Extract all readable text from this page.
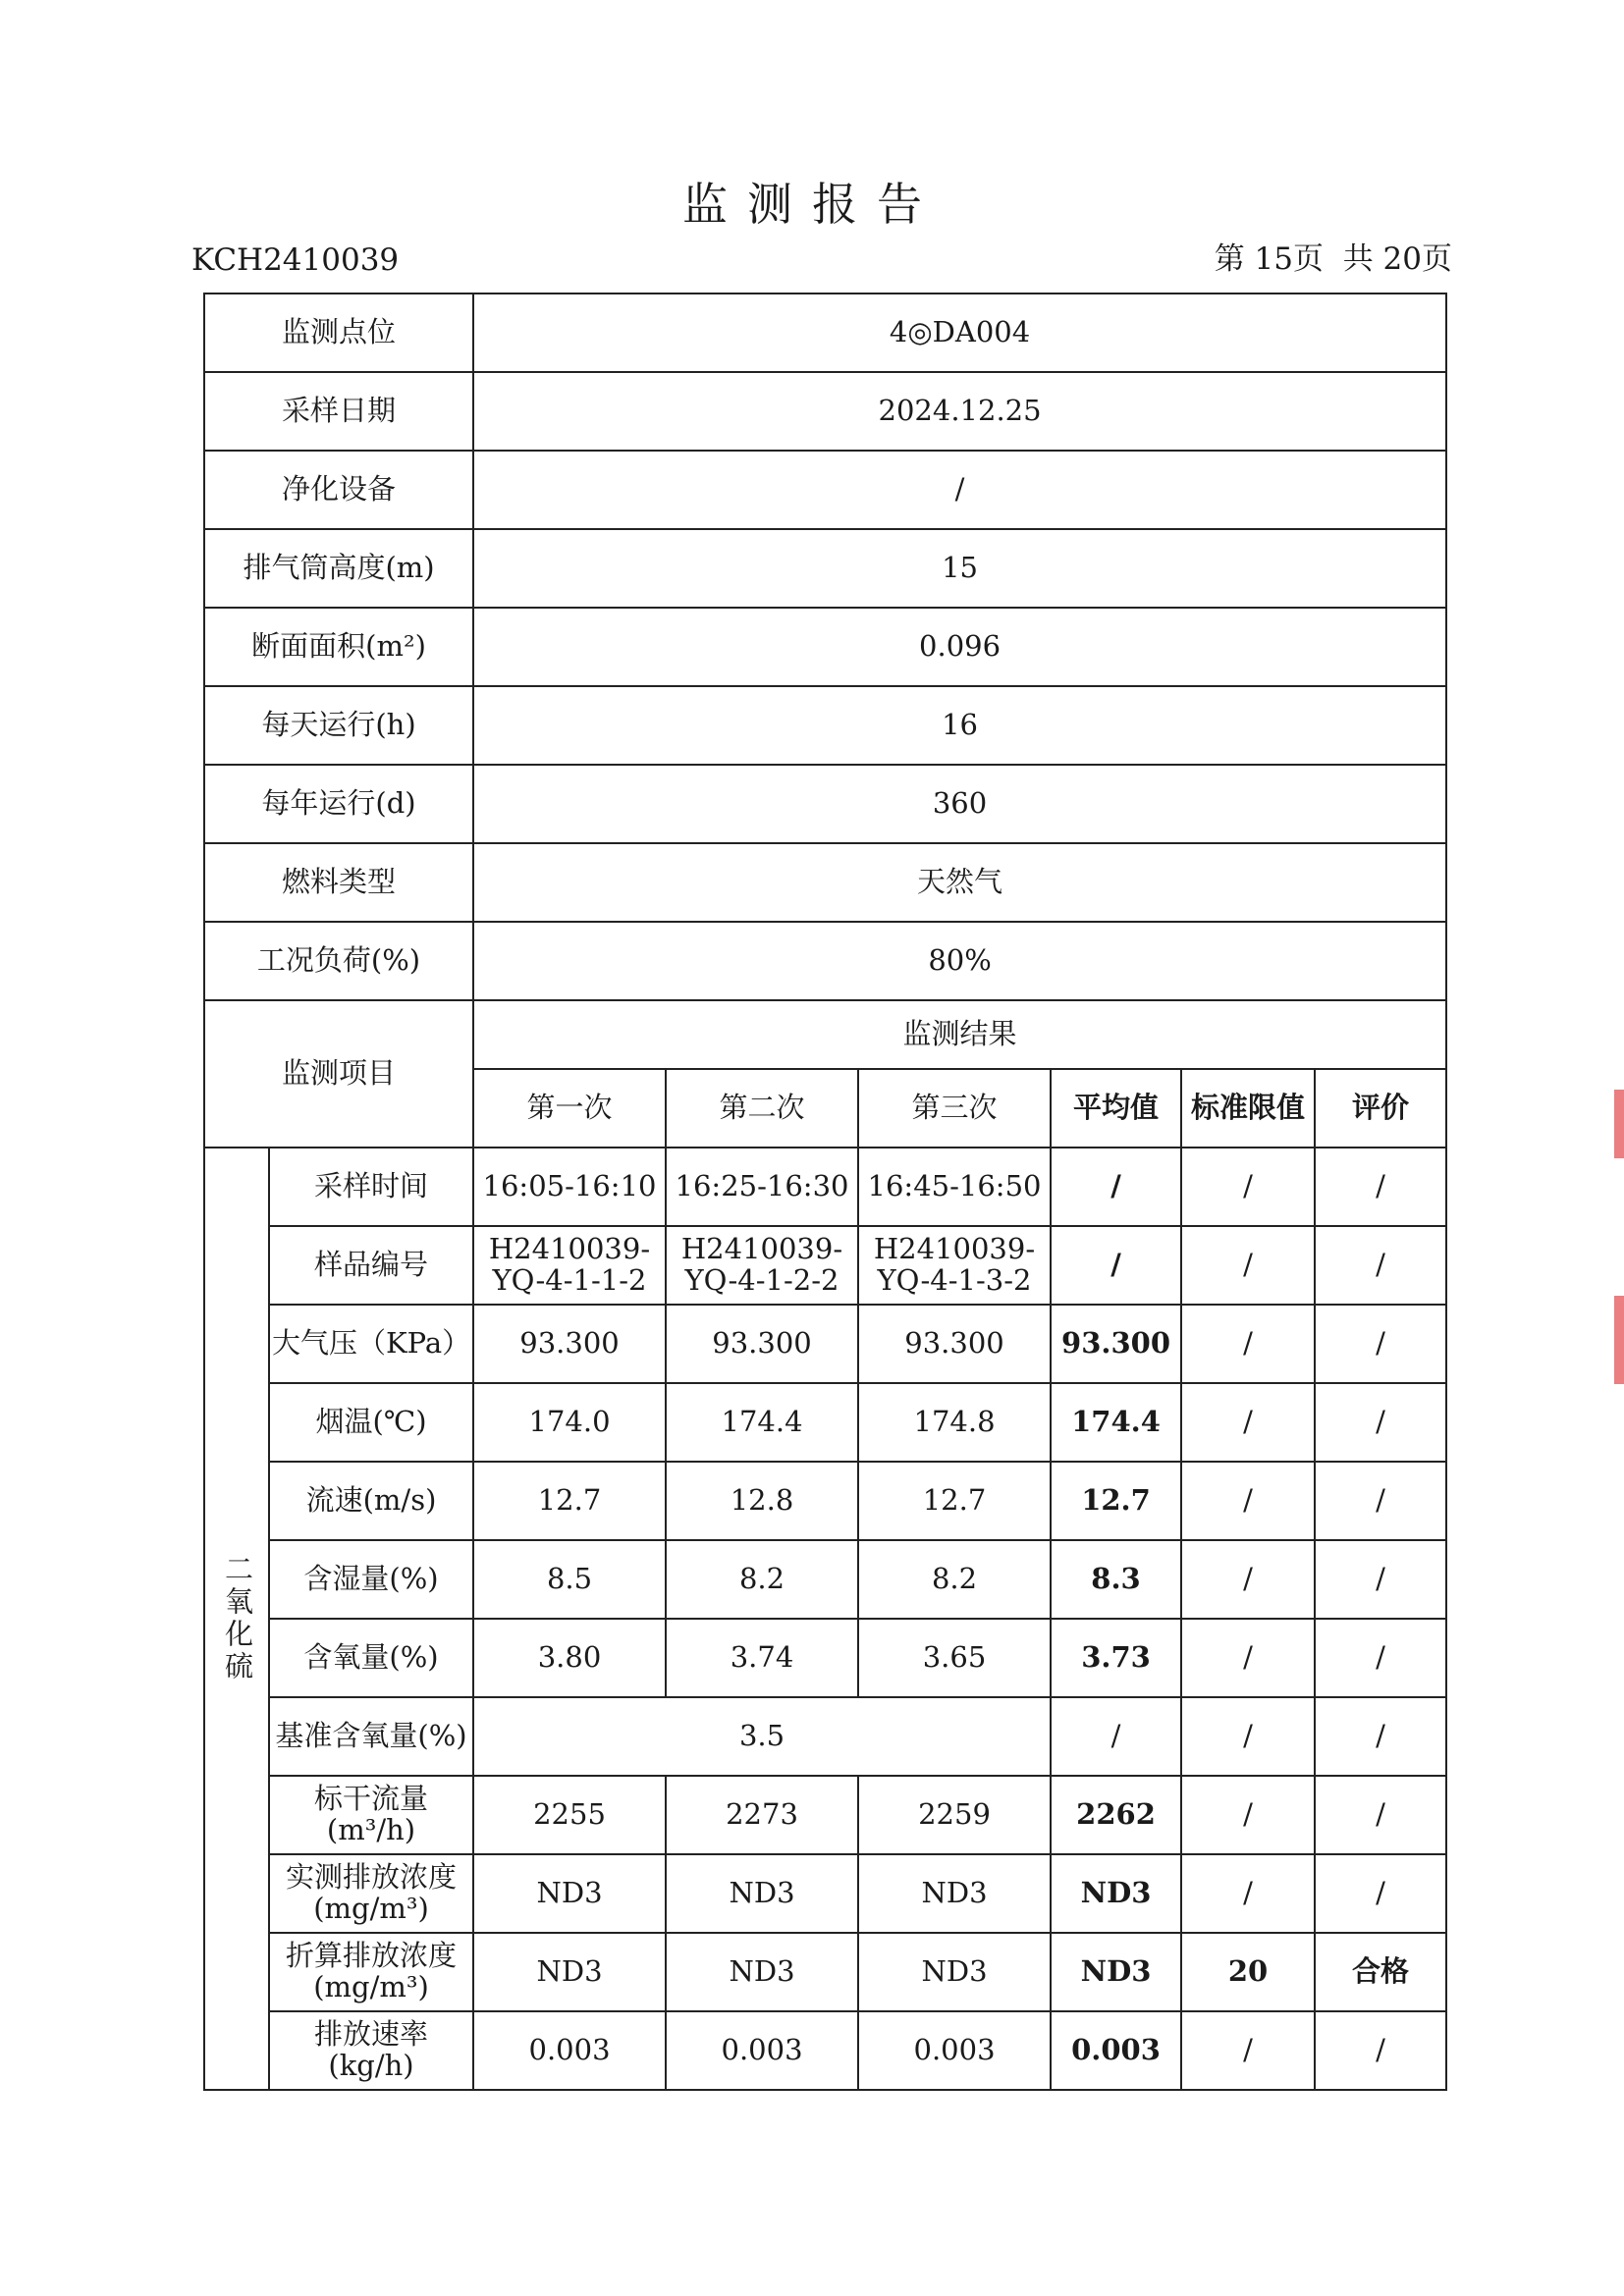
监测报告
KCH2410039	第 15页  共 20页
监测点位		4◎DA004					
采样日期		2024.12.25					
净化设备		/					
排气筒高度(m)		15					
断面面积(m²)		0.096					
每天运行(h)		16					
每年运行(d)		360					
燃料类型		天然气					
工况负荷(%)		80%					
监测项目		监测结果					
		第一次	第二次	第三次	平均值	标准限值	评价
二氧化硫	采样时间	16:05-16:10	16:25-16:30	16:45-16:50	/	/	/
	样品编号	H2410039-YQ-4-1-1-2	H2410039-YQ-4-1-2-2	H2410039-YQ-4-1-3-2	/	/	/
	大气压（KPa）	93.300	93.300	93.300	93.300	/	/
	烟温(℃)	174.0	174.4	174.8	174.4	/	/
	流速(m/s)	12.7	12.8	12.7	12.7	/	/
	含湿量(%)	8.5	8.2	8.2	8.3	/	/
	含氧量(%)	3.80	3.74	3.65	3.73	/	/
	基准含氧量(%)	3.5			/	/	/
	标干流量(m³/h)	2255	2273	2259	2262	/	/
	实测排放浓度(mg/m³)	ND3	ND3	ND3	ND3	/	/
	折算排放浓度(mg/m³)	ND3	ND3	ND3	ND3	20	合格
	排放速率(kg/h)	0.003	0.003	0.003	0.003	/	/
